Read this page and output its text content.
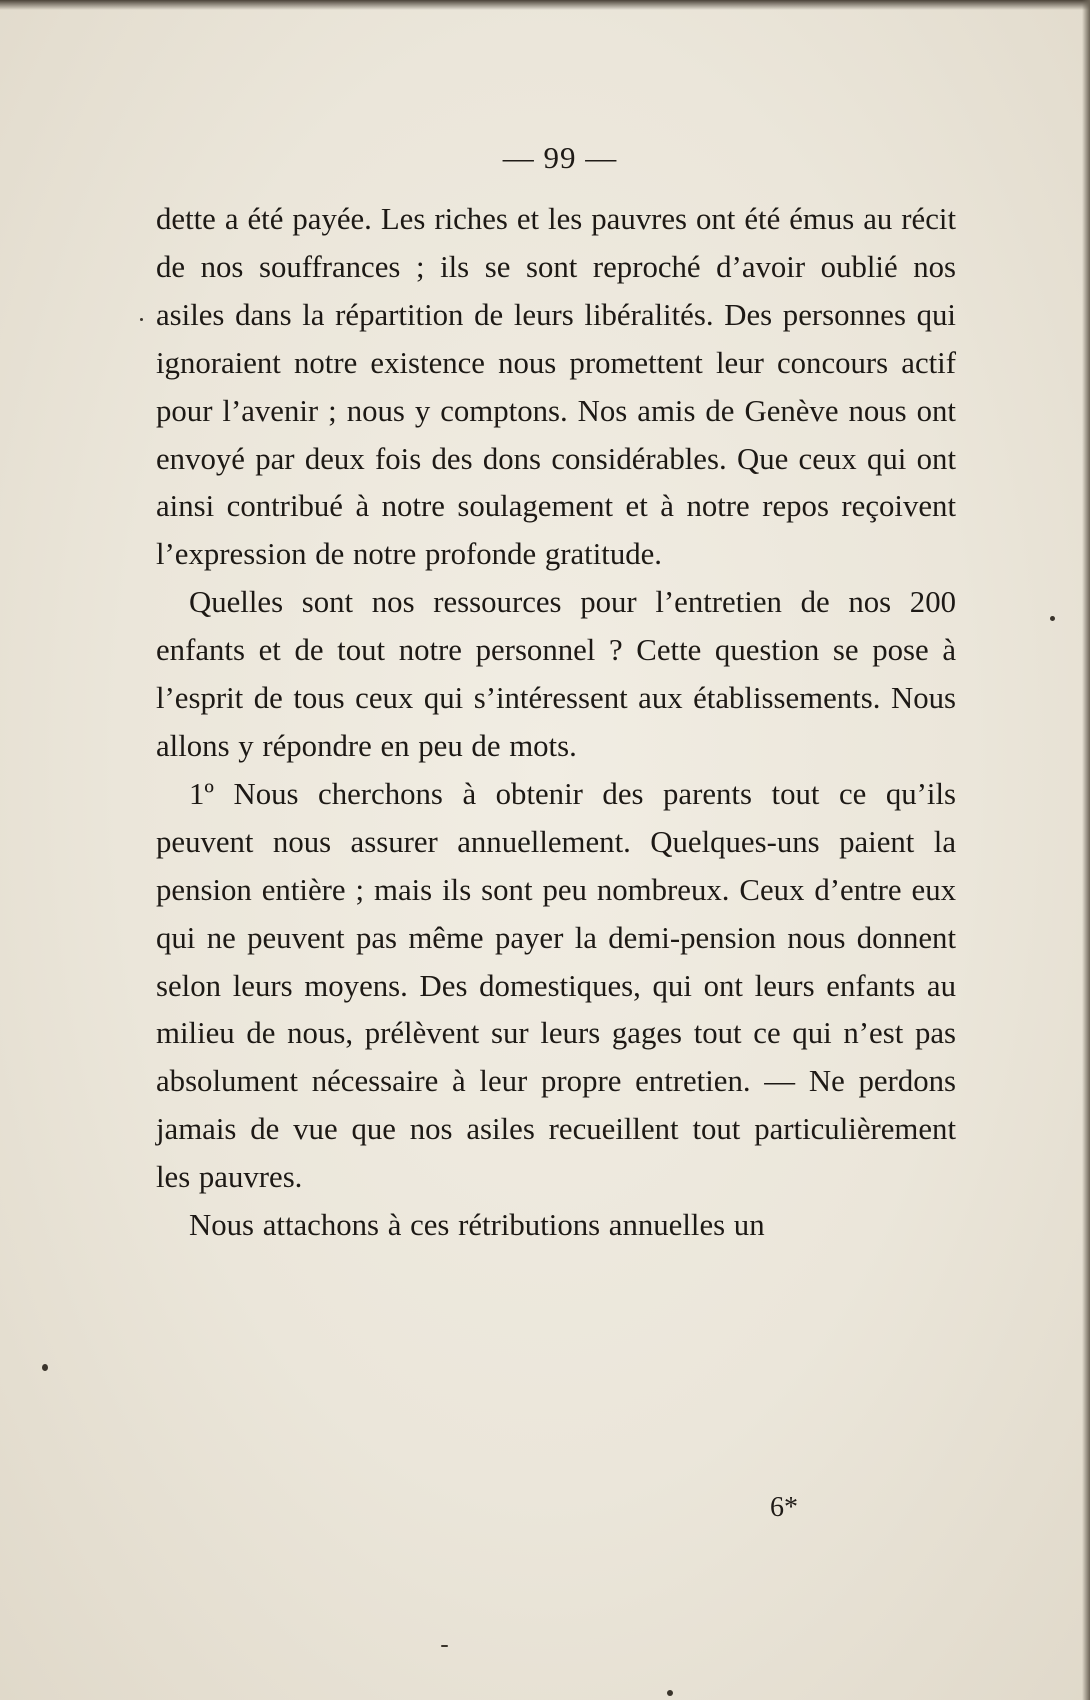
— 99 —

dette a été payée. Les riches et les pauvres ont été émus au récit de nos souffrances ; ils se sont reproché d’avoir oublié nos asiles dans la répartition de leurs libéralités. Des personnes qui ignoraient notre existence nous promettent leur concours actif pour l’avenir ; nous y comptons. Nos amis de Genève nous ont envoyé par deux fois des dons considérables. Que ceux qui ont ainsi contribué à notre soulagement et à notre repos reçoivent l’expression de notre profonde gratitude.

Quelles sont nos ressources pour l’entretien de nos 200 enfants et de tout notre personnel ? Cette question se pose à l’esprit de tous ceux qui s’intéressent aux établissements. Nous allons y répondre en peu de mots.

1º Nous cherchons à obtenir des parents tout ce qu’ils peuvent nous assurer annuellement. Quelques-uns paient la pension entière ; mais ils sont peu nombreux. Ceux d’entre eux qui ne peuvent pas même payer la demi-pension nous donnent selon leurs moyens. Des domestiques, qui ont leurs enfants au milieu de nous, prélèvent sur leurs gages tout ce qui n’est pas absolument nécessaire à leur propre entretien. — Ne perdons jamais de vue que nos asiles recueillent tout particulièrement les pauvres.

Nous attachons à ces rétributions annuelles un

6*
